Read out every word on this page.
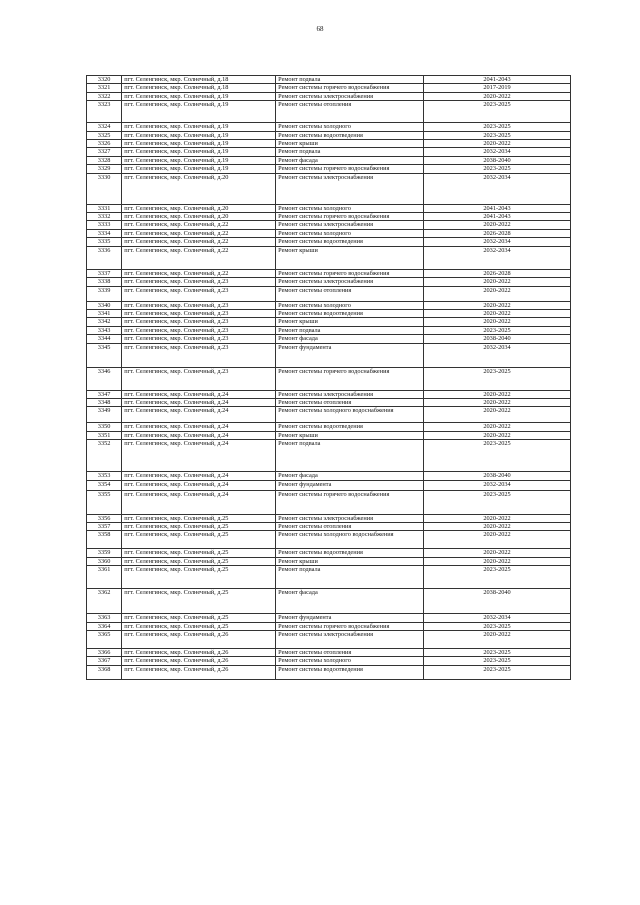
68
3320	пгт. Селенгинск, мкр. Солнечный, д.18	Ремонт подвала	2041-2043
3321	пгт. Селенгинск, мкр. Солнечный, д.18	Ремонт системы горячего водоснабжения	2017-2019
3322	пгт. Селенгинск, мкр. Солнечный, д.19	Ремонт системы электроснабжения	2020-2022
3323	пгт. Селенгинск, мкр. Солнечный, д.19	Ремонт системы отопления	2023-2025
3324	пгт. Селенгинск, мкр. Солнечный, д.19	Ремонт системы холодного	2023-2025
3325	пгт. Селенгинск, мкр. Солнечный, д.19	Ремонт системы водоотведения	2023-2025
3326	пгт. Селенгинск, мкр. Солнечный, д.19	Ремонт крыши	2020-2022
3327	пгт. Селенгинск, мкр. Солнечный, д.19	Ремонт подвала	2032-2034
3328	пгт. Селенгинск, мкр. Солнечный, д.19	Ремонт фасада	2038-2040
3329	пгт. Селенгинск, мкр. Солнечный, д.19	Ремонт системы горячего водоснабжения	2023-2025
3330	пгт. Селенгинск, мкр. Солнечный, д.20	Ремонт системы электроснабжения	2032-2034
3331	пгт. Селенгинск, мкр. Солнечный, д.20	Ремонт системы холодного	2041-2043
3332	пгт. Селенгинск, мкр. Солнечный, д.20	Ремонт системы горячего водоснабжения	2041-2043
3333	пгт. Селенгинск, мкр. Солнечный, д.22	Ремонт системы электроснабжения	2020-2022
3334	пгт. Селенгинск, мкр. Солнечный, д.22	Ремонт системы холодного	2026-2028
3335	пгт. Селенгинск, мкр. Солнечный, д.22	Ремонт системы водоотведения	2032-2034
3336	пгт. Селенгинск, мкр. Солнечный, д.22	Ремонт крыши	2032-2034
3337	пгт. Селенгинск, мкр. Солнечный, д.22	Ремонт системы горячего водоснабжения	2026-2028
3338	пгт. Селенгинск, мкр. Солнечный, д.23	Ремонт системы электроснабжения	2020-2022
3339	пгт. Селенгинск, мкр. Солнечный, д.23	Ремонт системы отопления	2020-2022
3340	пгт. Селенгинск, мкр. Солнечный, д.23	Ремонт системы холодного	2020-2022
3341	пгт. Селенгинск, мкр. Солнечный, д.23	Ремонт системы водоотведения	2020-2022
3342	пгт. Селенгинск, мкр. Солнечный, д.23	Ремонт крыши	2020-2022
3343	пгт. Селенгинск, мкр. Солнечный, д.23	Ремонт подвала	2023-2025
3344	пгт. Селенгинск, мкр. Солнечный, д.23	Ремонт фасада	2038-2040
3345	пгт. Селенгинск, мкр. Солнечный, д.23	Ремонт фундамента	2032-2034
3346	пгт. Селенгинск, мкр. Солнечный, д.23	Ремонт системы горячего водоснабжения	2023-2025
3347	пгт. Селенгинск, мкр. Солнечный, д.24	Ремонт системы электроснабжения	2020-2022
3348	пгт. Селенгинск, мкр. Солнечный, д.24	Ремонт системы отопления	2020-2022
3349	пгт. Селенгинск, мкр. Солнечный, д.24	Ремонт системы холодного водоснабжения	2020-2022
3350	пгт. Селенгинск, мкр. Солнечный, д.24	Ремонт системы водоотведения	2020-2022
3351	пгт. Селенгинск, мкр. Солнечный, д.24	Ремонт крыши	2020-2022
3352	пгт. Селенгинск, мкр. Солнечный, д.24	Ремонт подвала	2023-2025
3353	пгт. Селенгинск, мкр. Солнечный, д.24	Ремонт фасада	2038-2040
3354	пгт. Селенгинск, мкр. Солнечный, д.24	Ремонт фундамента	2032-2034
3355	пгт. Селенгинск, мкр. Солнечный, д.24	Ремонт системы горячего водоснабжения	2023-2025
3356	пгт. Селенгинск, мкр. Солнечный, д.25	Ремонт системы электроснабжения	2020-2022
3357	пгт. Селенгинск, мкр. Солнечный, д.25	Ремонт системы отопления	2020-2022
3358	пгт. Селенгинск, мкр. Солнечный, д.25	Ремонт системы холодного водоснабжения	2020-2022
3359	пгт. Селенгинск, мкр. Солнечный, д.25	Ремонт системы водоотведения	2020-2022
3360	пгт. Селенгинск, мкр. Солнечный, д.25	Ремонт крыши	2020-2022
3361	пгт. Селенгинск, мкр. Солнечный, д.25	Ремонт подвала	2023-2025
3362	пгт. Селенгинск, мкр. Солнечный, д.25	Ремонт фасада	2038-2040
3363	пгт. Селенгинск, мкр. Солнечный, д.25	Ремонт фундамента	2032-2034
3364	пгт. Селенгинск, мкр. Солнечный, д.25	Ремонт системы горячего водоснабжения	2023-2025
3365	пгт. Селенгинск, мкр. Солнечный, д.26	Ремонт системы электроснабжения	2020-2022
3366	пгт. Селенгинск, мкр. Солнечный, д.26	Ремонт системы отопления	2023-2025
3367	пгт. Селенгинск, мкр. Солнечный, д.26	Ремонт системы холодного	2023-2025
3368	пгт. Селенгинск, мкр. Солнечный, д.26	Ремонт системы водоотведения	2023-2025
